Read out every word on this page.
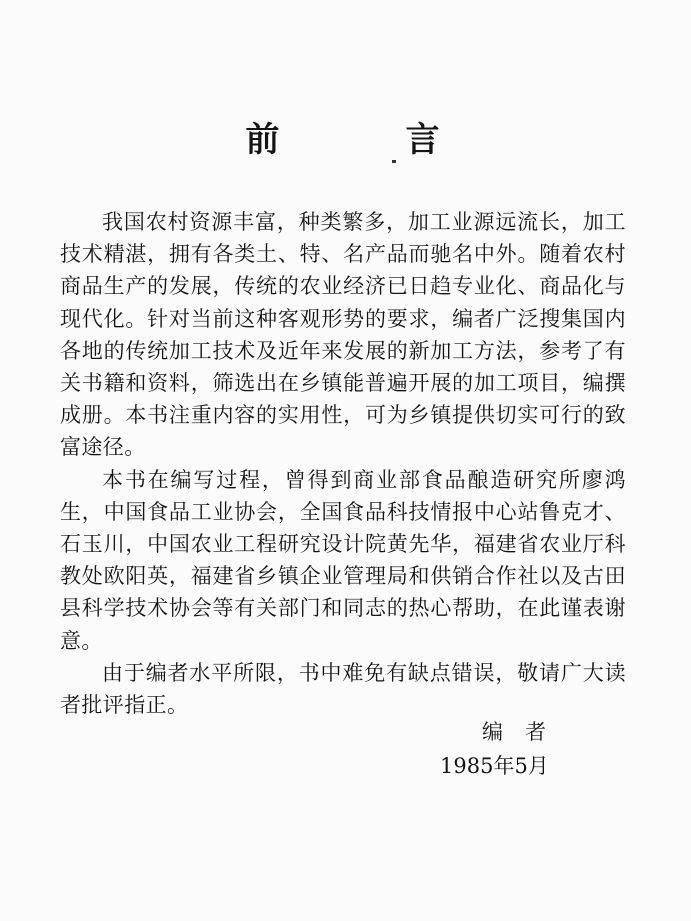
前　言

我国农村资源丰富，种类繁多，加工业源远流长，加工技术精湛，拥有各类土、特、名产品而驰名中外。随着农村商品生产的发展，传统的农业经济已日趋专业化、商品化与现代化。针对当前这种客观形势的要求，编者广泛搜集国内各地的传统加工技术及近年来发展的新加工方法，参考了有关书籍和资料，筛选出在乡镇能普遍开展的加工项目，编撰成册。本书注重内容的实用性，可为乡镇提供切实可行的致富途径。

本书在编写过程，曾得到商业部食品酿造研究所廖鸿生，中国食品工业协会，全国食品科技情报中心站鲁克才、石玉川，中国农业工程研究设计院黄先华，福建省农业厅科教处欧阳英，福建省乡镇企业管理局和供销合作社以及古田县科学技术协会等有关部门和同志的热心帮助，在此谨表谢意。

由于编者水平所限，书中难免有缺点错误，敬请广大读者批评指正。

编者
1985年5月
